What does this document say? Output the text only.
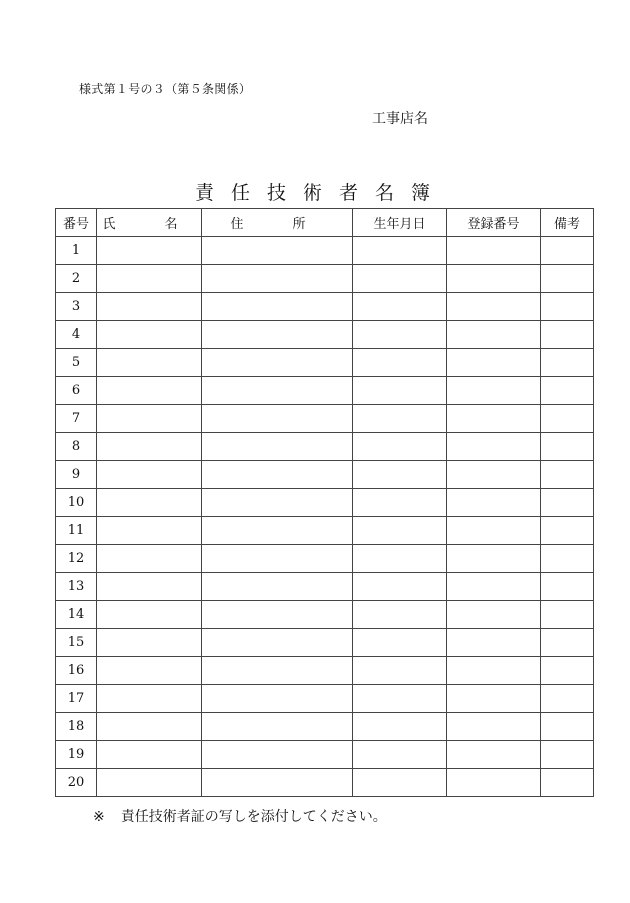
様式第１号の３（第５条関係）
工事店名
責任技術者名簿
番号	氏　名	住　所	生年月日	登録番号	備考
1					
2					
3					
4					
5					
6					
7					
8					
9					
10					
11					
12					
13					
14					
15					
16					
17					
18					
19					
20					
※ 責任技術者証の写しを添付してください。
